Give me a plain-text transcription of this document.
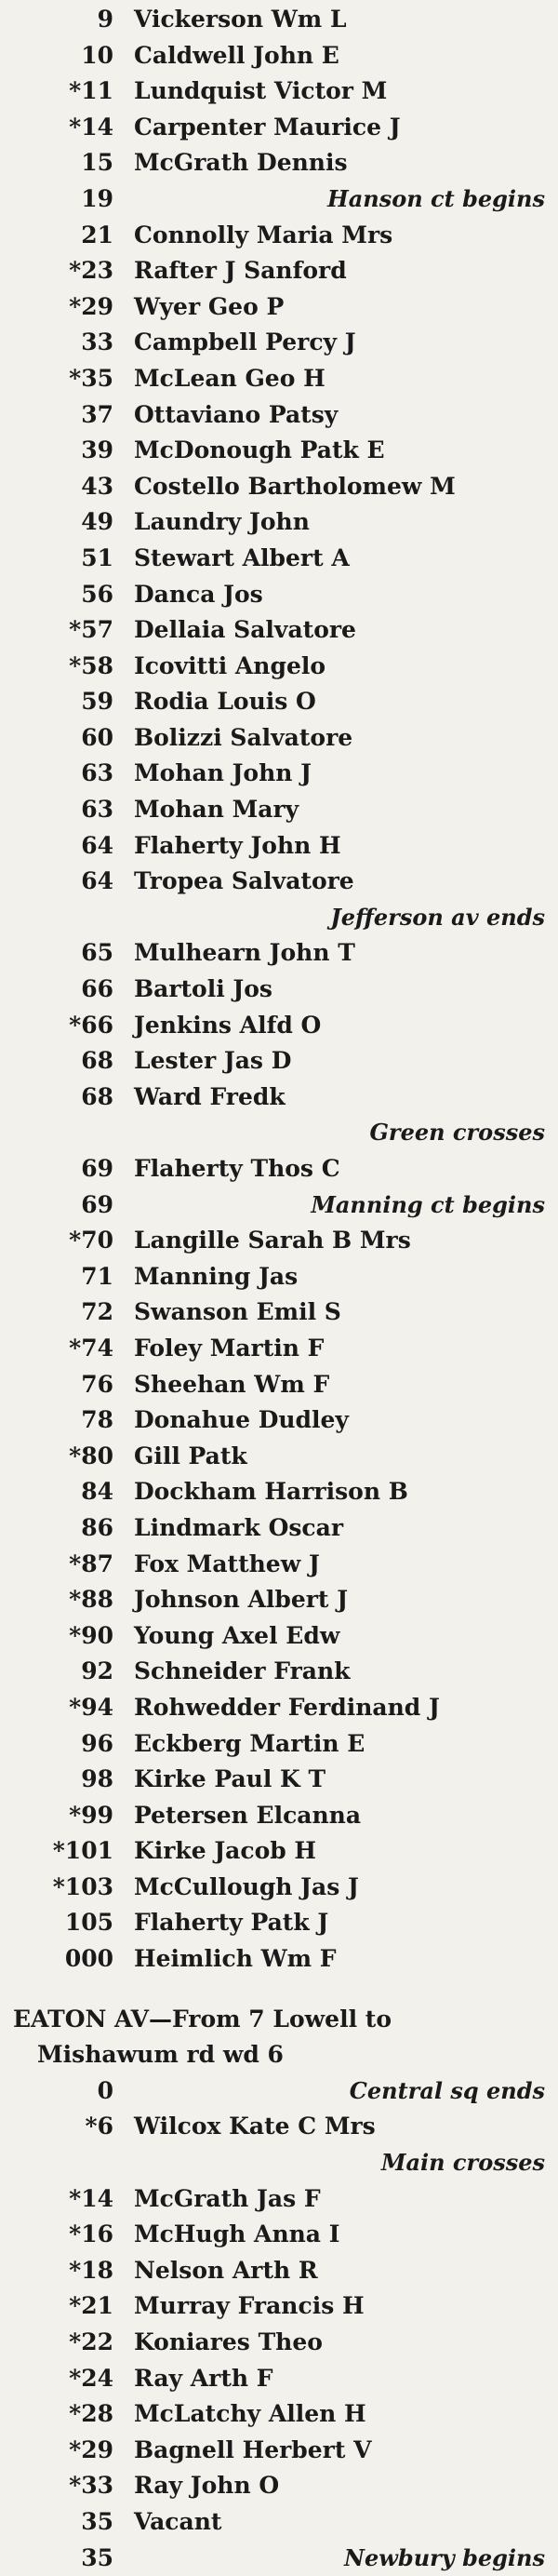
9 Vickerson Wm L
10 Caldwell John E
*11 Lundquist Victor M
*14 Carpenter Maurice J
15 McGrath Dennis
19	Hanson ct begins
21 Connolly Maria Mrs
*23 Rafter J Sanford
*29 Wyer Geo P
33 Campbell Percy J
*35 McLean Geo H
37 Ottaviano Patsy
39 McDonough Patk E
43 Costello Bartholomew M
49 Laundry John
51 Stewart Albert A
56 Danca Jos
*57 Dellaia Salvatore
*58 Icovitti Angelo
59 Rodia Louis O
60 Bolizzi Salvatore
63 Mohan John J
63 Mohan Mary
64 Flaherty John H
64 Tropea Salvatore
Jefferson av ends
65 Mulhearn John T
66 Bartoli Jos
*66 Jenkins Alfd O
68 Lester Jas D
68 Ward Fredk
Green crosses
69 Flaherty Thos C
69	Manning ct begins
*70 Langille Sarah B Mrs
71 Manning Jas
72 Swanson Emil S
*74 Foley Martin F
76 Sheehan Wm F
78 Donahue Dudley
*80 Gill Patk
84 Dockham Harrison B
86 Lindmark Oscar
*87 Fox Matthew J
*88 Johnson Albert J
*90 Young Axel Edw
92 Schneider Frank
*94 Rohwedder Ferdinand J
96 Eckberg Martin E
98 Kirke Paul K T
*99 Petersen Elcanna
*101 Kirke Jacob H
*103 McCullough Jas J
105 Flaherty Patk J
000 Heimlich Wm F
EATON AV—From 7 Lowell to
Mishawum rd wd 6
0	Central sq ends
*6 Wilcox Kate C Mrs
Main crosses
*14 McGrath Jas F
*16 McHugh Anna I
*18 Nelson Arth R
*21 Murray Francis H
*22 Koniares Theo
*24 Ray Arth F
*28 McLatchy Allen H
*29 Bagnell Herbert V
*33 Ray John O
35 Vacant
35	Newbury begins
